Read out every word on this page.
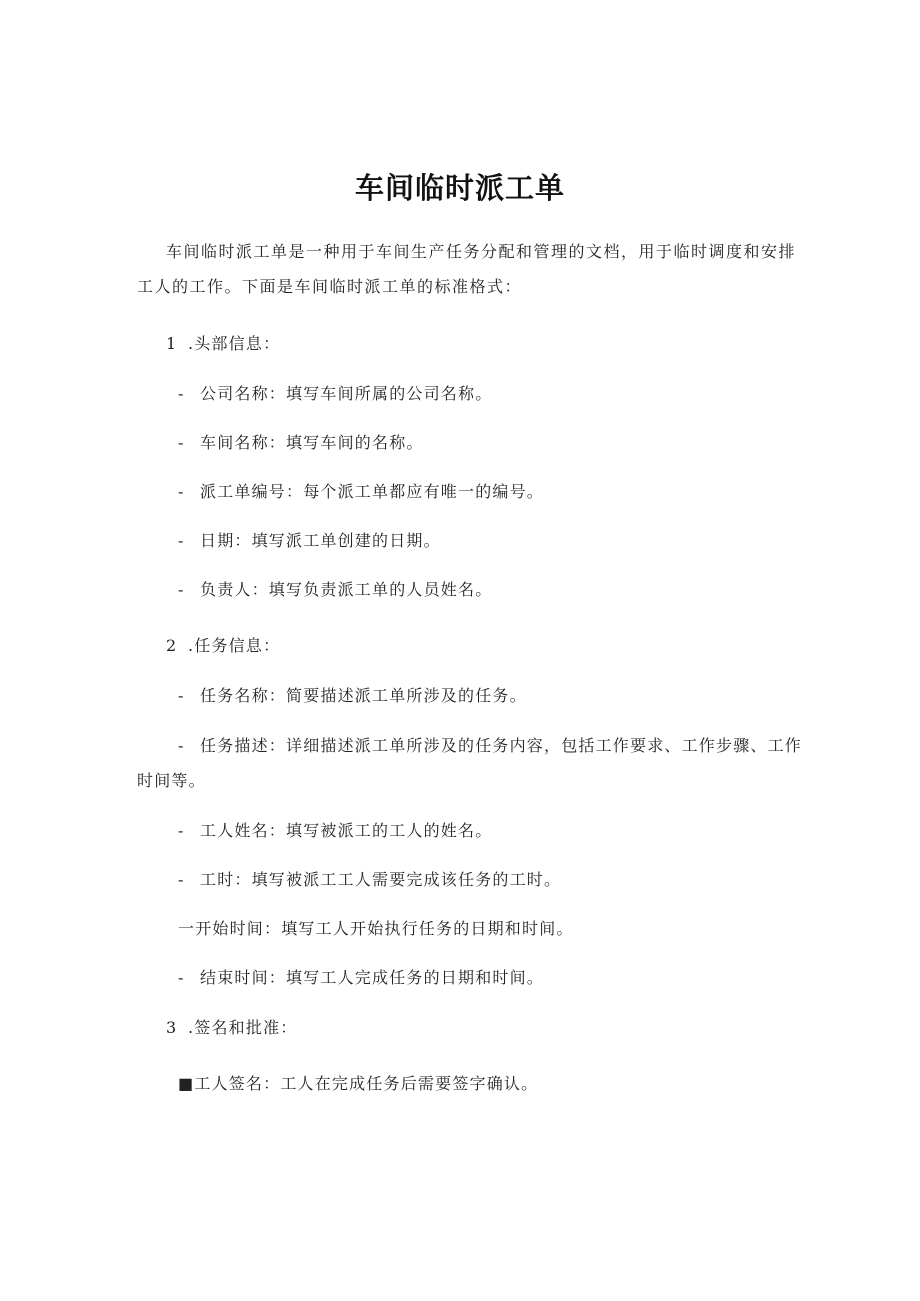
车间临时派工单
车间临时派工单是一种用于车间生产任务分配和管理的文档，用于临时调度和安排
工人的工作。下面是车间临时派工单的标准格式：
1 .头部信息：
- 公司名称：填写车间所属的公司名称。
- 车间名称：填写车间的名称。
- 派工单编号：每个派工单都应有唯一的编号。
- 日期：填写派工单创建的日期。
- 负责人：填写负责派工单的人员姓名。
2 .任务信息：
- 任务名称：简要描述派工单所涉及的任务。
- 任务描述：详细描述派工单所涉及的任务内容，包括工作要求、工作步骤、工作
时间等。
- 工人姓名：填写被派工的工人的姓名。
- 工时：填写被派工工人需要完成该任务的工时。
一开始时间：填写工人开始执行任务的日期和时间。
- 结束时间：填写工人完成任务的日期和时间。
3 .签名和批准：
■工人签名：工人在完成任务后需要签字确认。
